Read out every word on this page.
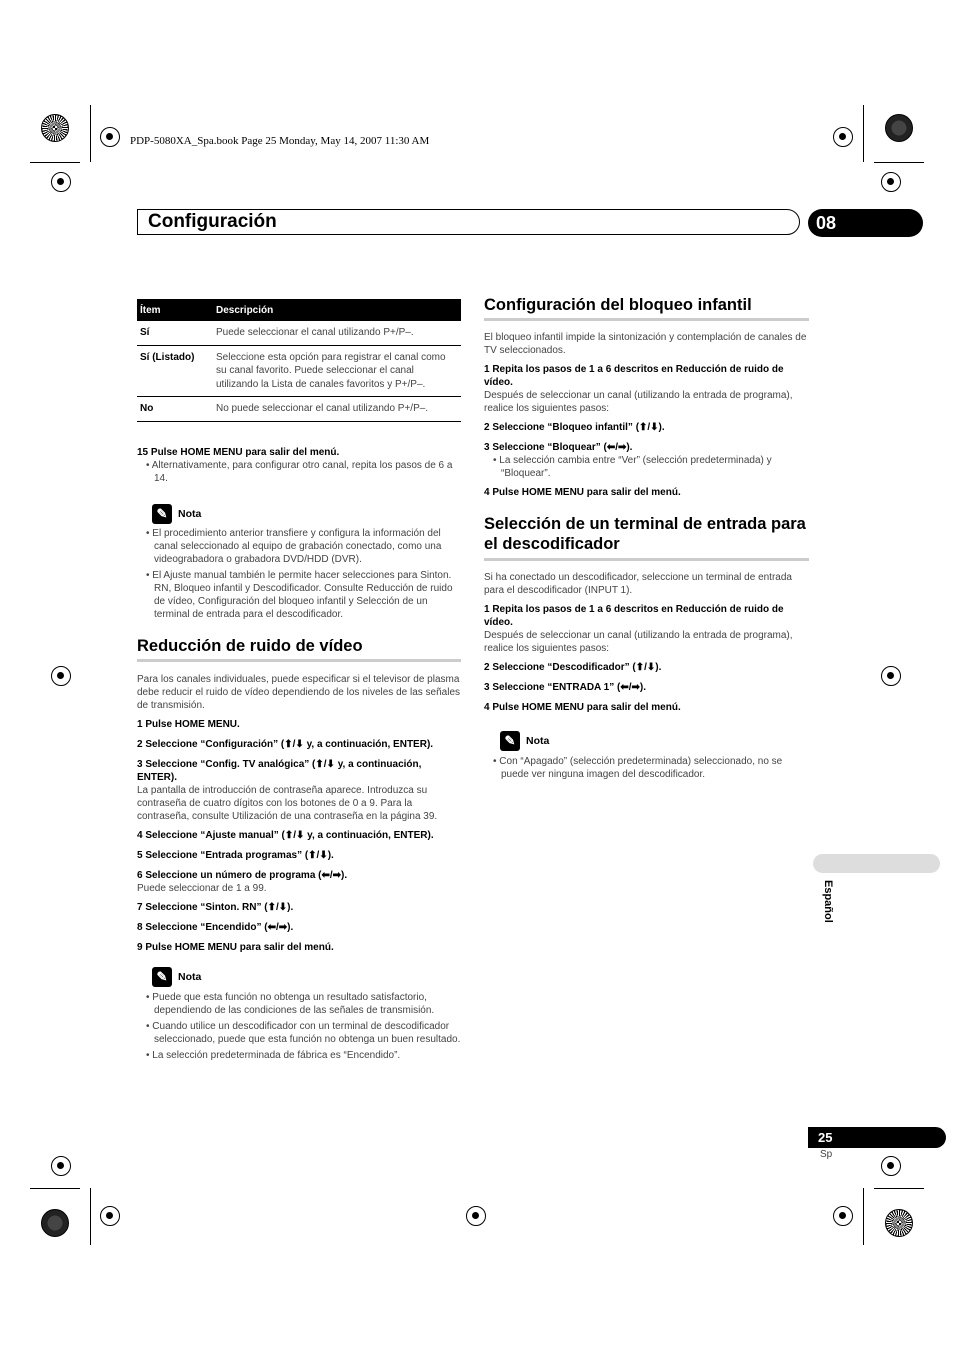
PDP-5080XA_Spa.book Page 25 Monday, May 14, 2007 11:30 AM
Configuración	08
Ítem	Descripción
Sí	Puede seleccionar el canal utilizando P+/P–.
Sí (Listado)	Seleccione esta opción para registrar el canal como su canal favorito. Puede seleccionar el canal utilizando la Lista de canales favoritos y P+/P–.
No	No puede seleccionar el canal utilizando P+/P–.
15 Pulse HOME MENU para salir del menú.
• Alternativamente, para configurar otro canal, repita los pasos de 6 a 14.
✎ Nota
• El procedimiento anterior transfiere y configura la información del canal seleccionado al equipo de grabación conectado, como una videograbadora o grabadora DVD/HDD (DVR).
• El Ajuste manual también le permite hacer selecciones para Sinton. RN, Bloqueo infantil y Descodificador. Consulte Reducción de ruido de vídeo, Configuración del bloqueo infantil y Selección de un terminal de entrada para el descodificador.
Reducción de ruido de vídeo
Para los canales individuales, puede especificar si el televisor de plasma debe reducir el ruido de vídeo dependiendo de los niveles de las señales de transmisión.
1 Pulse HOME MENU.
2 Seleccione “Configuración” (⬆/⬇ y, a continuación, ENTER).
3 Seleccione “Config. TV analógica” (⬆/⬇ y, a continuación, ENTER).
La pantalla de introducción de contraseña aparece. Introduzca su contraseña de cuatro dígitos con los botones de 0 a 9. Para la contraseña, consulte Utilización de una contraseña en la página 39.
4 Seleccione “Ajuste manual” (⬆/⬇ y, a continuación, ENTER).
5 Seleccione “Entrada programas” (⬆/⬇).
6 Seleccione un número de programa (⬅/➡).
Puede seleccionar de 1 a 99.
7 Seleccione “Sinton. RN” (⬆/⬇).
8 Seleccione “Encendido” (⬅/➡).
9 Pulse HOME MENU para salir del menú.
✎ Nota
• Puede que esta función no obtenga un resultado satisfactorio, dependiendo de las condiciones de las señales de transmisión.
• Cuando utilice un descodificador con un terminal de descodificador seleccionado, puede que esta función no obtenga un buen resultado.
• La selección predeterminada de fábrica es “Encendido”.
Configuración del bloqueo infantil
El bloqueo infantil impide la sintonización y contemplación de canales de TV seleccionados.
1 Repita los pasos de 1 a 6 descritos en Reducción de ruido de vídeo.
Después de seleccionar un canal (utilizando la entrada de programa), realice los siguientes pasos:
2 Seleccione “Bloqueo infantil” (⬆/⬇).
3 Seleccione “Bloquear” (⬅/➡).
• La selección cambia entre “Ver” (selección predeterminada) y “Bloquear”.
4 Pulse HOME MENU para salir del menú.
Selección de un terminal de entrada para el descodificador
Si ha conectado un descodificador, seleccione un terminal de entrada para el descodificador (INPUT 1).
1 Repita los pasos de 1 a 6 descritos en Reducción de ruido de vídeo.
Después de seleccionar un canal (utilizando la entrada de programa), realice los siguientes pasos:
2 Seleccione “Descodificador” (⬆/⬇).
3 Seleccione “ENTRADA 1” (⬅/➡).
4 Pulse HOME MENU para salir del menú.
✎ Nota
• Con “Apagado” (selección predeterminada) seleccionado, no se puede ver ninguna imagen del descodificador.
Español
25
Sp
